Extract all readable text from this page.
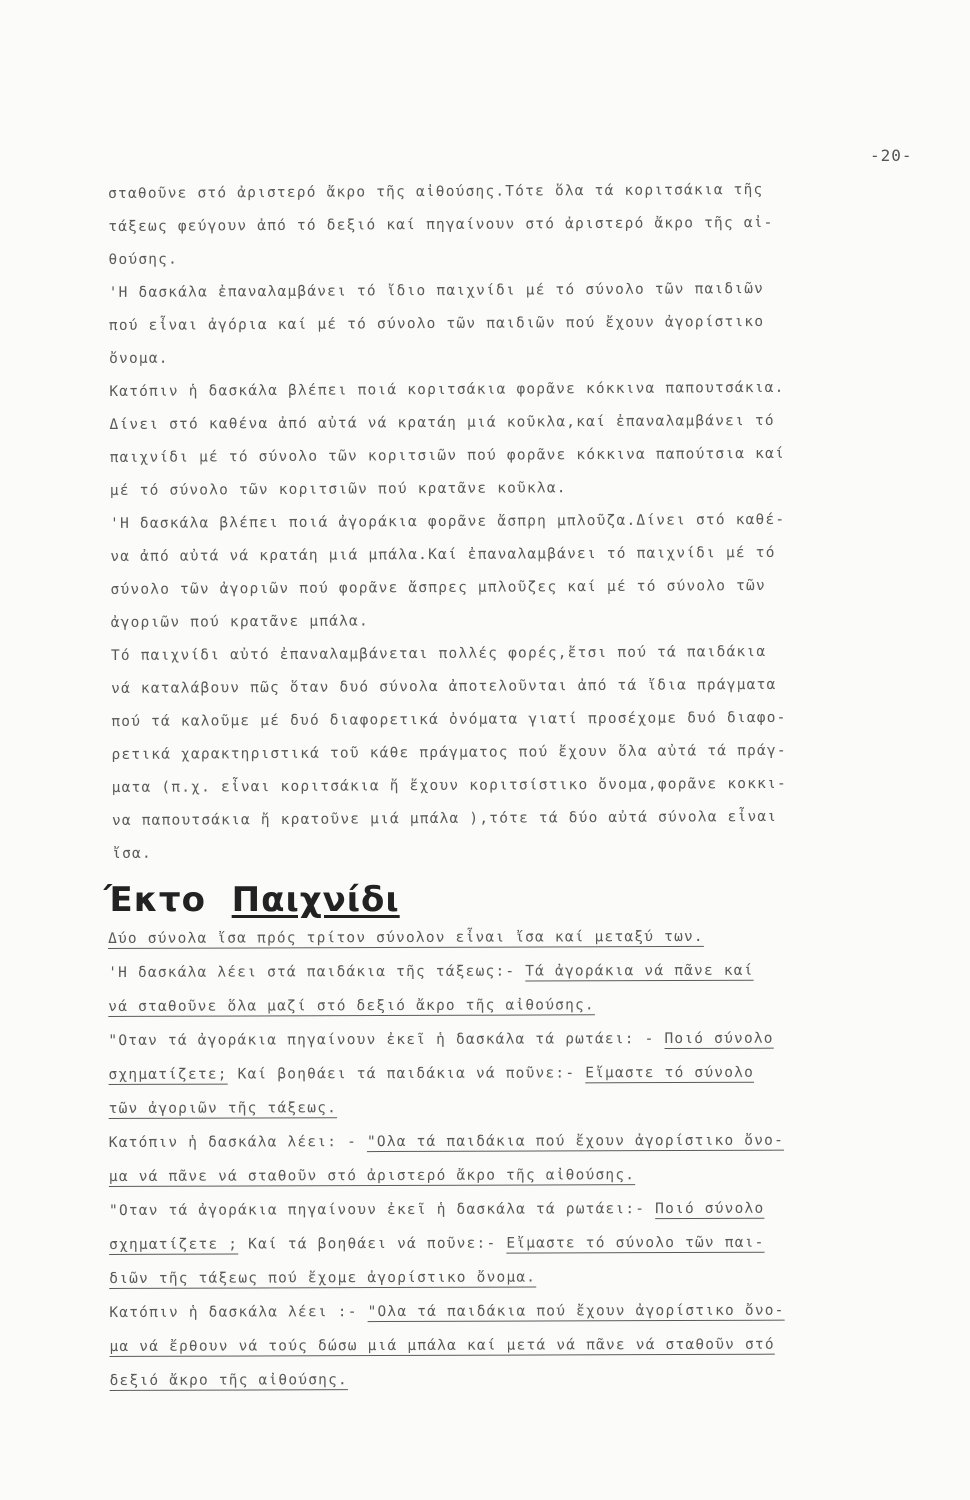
-20-
σταθοῦνε στό ἀριστερό ἄκρο τῆς αἰθούσης.Τότε ὅλα τά κοριτσάκια τῆς
τάξεως φεύγουν ἀπό τό δεξιό καί πηγαίνουν στό ἀριστερό ἄκρο τῆς αἰ-
θούσης.
'Η δασκάλα ἐπαναλαμβάνει τό ἴδιο παιχνίδι μέ τό σύνολο τῶν παιδιῶν
πού εἶναι ἀγόρια καί μέ τό σύνολο τῶν παιδιῶν πού ἔχουν ἀγορίστικο
ὄνομα.
Κατόπιν ἡ δασκάλα βλέπει ποιά κοριτσάκια φορᾶνε κόκκινα παπουτσάκια.
Δίνει στό καθένα ἀπό αὐτά νά κρατάη μιά κοῦκλα,καί ἐπαναλαμβάνει τό
παιχνίδι μέ τό σύνολο τῶν κοριτσιῶν πού φορᾶνε κόκκινα παπούτσια καί
μέ τό σύνολο τῶν κοριτσιῶν πού κρατᾶνε κοῦκλα.
'Η δασκάλα βλέπει ποιά ἀγοράκια φορᾶνε ἄσπρη μπλοῦζα.Δίνει στό καθέ-
να ἀπό αὐτά νά κρατάη μιά μπάλα.Καί ἐπαναλαμβάνει τό παιχνίδι μέ τό
σύνολο τῶν ἀγοριῶν πού φορᾶνε ἄσπρες μπλοῦζες καί μέ τό σύνολο τῶν
ἀγοριῶν πού κρατᾶνε μπάλα.
Τό παιχνίδι αὐτό ἐπαναλαμβάνεται πολλές φορές,ἔτσι πού τά παιδάκια
νά καταλάβουν πῶς ὅταν δυό σύνολα ἀποτελοῦνται ἀπό τά ἴδια πράγματα
πού τά καλοῦμε μέ δυό διαφορετικά ὀνόματα γιατί προσέχομε δυό διαφο-
ρετικά χαρακτηριστικά τοῦ κάθε πράγματος πού ἔχουν ὅλα αὐτά τά πράγ-
ματα (π.χ. εἶναι κοριτσάκια ἤ ἔχουν κοριτσίστικο ὄνομα,φορᾶνε κοκκι-
να παπουτσάκια ἤ κρατοῦνε μιά μπάλα ),τότε τά δύο αὐτά σύνολα εἶναι
ἴσα.
Έκτο Παιχνίδι
Δύο σύνολα ἴσα πρός τρίτον σύνολον εἶναι ἴσα καί μεταξύ των.
'Η δασκάλα λέει στά παιδάκια τῆς τάξεως:- Τά ἀγοράκια νά πᾶνε καί
νά σταθοῦνε ὅλα μαζί στό δεξιό ἄκρο τῆς αἰθούσης.
"Οταν τά ἀγοράκια πηγαίνουν ἐκεῖ ἡ δασκάλα τά ρωτάει: - Ποιό σύνολο
σχηματίζετε; Καί βοηθάει τά παιδάκια νά ποῦνε:- Εἴμαστε τό σύνολο
τῶν ἀγοριῶν τῆς τάξεως.
Κατόπιν ἡ δασκάλα λέει: - "Ολα τά παιδάκια πού ἔχουν ἀγορίστικο ὄνο-
μα νά πᾶνε νά σταθοῦν στό ἀριστερό ἄκρο τῆς αἰθούσης.
"Οταν τά ἀγοράκια πηγαίνουν ἐκεῖ ἡ δασκάλα τά ρωτάει:- Ποιό σύνολο
σχηματίζετε ; Καί τά βοηθάει νά ποῦνε:- Εἴμαστε τό σύνολο τῶν παι-
διῶν τῆς τάξεως πού ἔχομε ἀγορίστικο ὄνομα.
Κατόπιν ἡ δασκάλα λέει :- "Ολα τά παιδάκια πού ἔχουν ἀγορίστικο ὄνο-
μα νά ἔρθουν νά τούς δώσω μιά μπάλα καί μετά νά πᾶνε νά σταθοῦν στό
δεξιό ἄκρο τῆς αἰθούσης.
